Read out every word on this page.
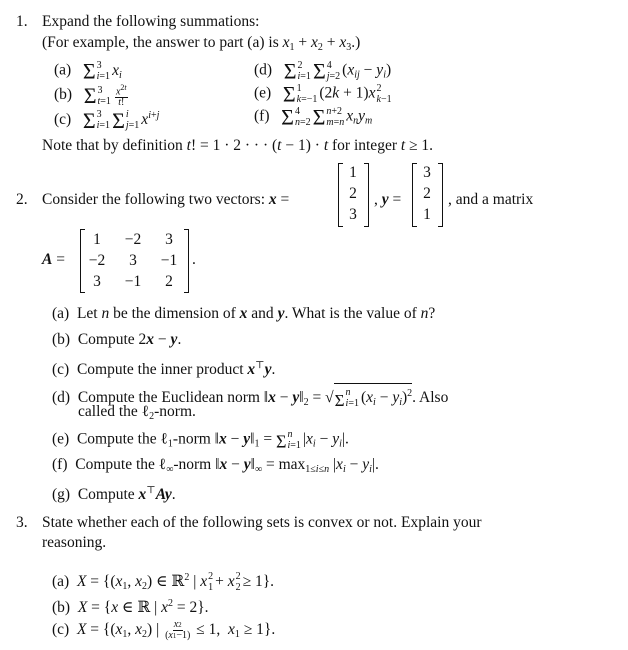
1. Expand the following summations:
(For example, the answer to part (a) is $x_1 + x_2 + x_3$.)
(a) Σ 3
i=1 $x_i$
(b) Σ 3
$t=1 \frac{x^{2t}}{t!}$
(c) Σ 3
i=1 Σ i
j=1 $x^{i+j}$
(d) Σ 2
i=1 Σ 4
j=2 $(x_{ij} - y_i)$
(e) Σ 1
k=−1 (2k + 1)x 2
k−1
(f) Σ 4
n=2 Σ n+2
m=n $x_ny_m$
Note that by definition t! = 1 · 2 · · · (t − 1) · t for integer t ≥ 1.
2. Consider the following two vectors: x =
1
2
3
, y =
3
2
1
, and a matrix
A =
1	−2	3
−2	3	−1
3	−1	2
.
(a)  Let n be the dimension of x and y. What is the value of n?
(b)  Compute 2x − y.
(c)  Compute the inner product x⊤y.
(d)  Compute the Euclidean norm ‖x − $y‖_2 = √\Sigma$ n
i=1 $(x_i - y_i)^2$. Also
called the ℓ$_2$-norm.
(e)  Compute the ℓ$_1$-norm ‖x − $y‖_1 = \Sigma$ n
i=1 $|x_i - y_i|$.
(f)  Compute the ℓ$_\infty$-norm ‖x − $y‖_\infty = \max_{1\le i\le n} |x_i - y_i|$.
(g)  Compute x⊤Ay.
3. State whether each of the following sets is convex or not. Explain your
reasoning.
(a) $X = \{(x_1$, $x_2$) ∈ ℝ$^2$ | x 2
1 + x 2
2 ≥ 1}.
(b) X = {x ∈ ℝ | $x^2 = 2$}.
(c) $X = \{(x_1$, $x_2$) | $\frac{x2}{(x1-1)} \le 1$,  $x_1 \ge 1$}.
